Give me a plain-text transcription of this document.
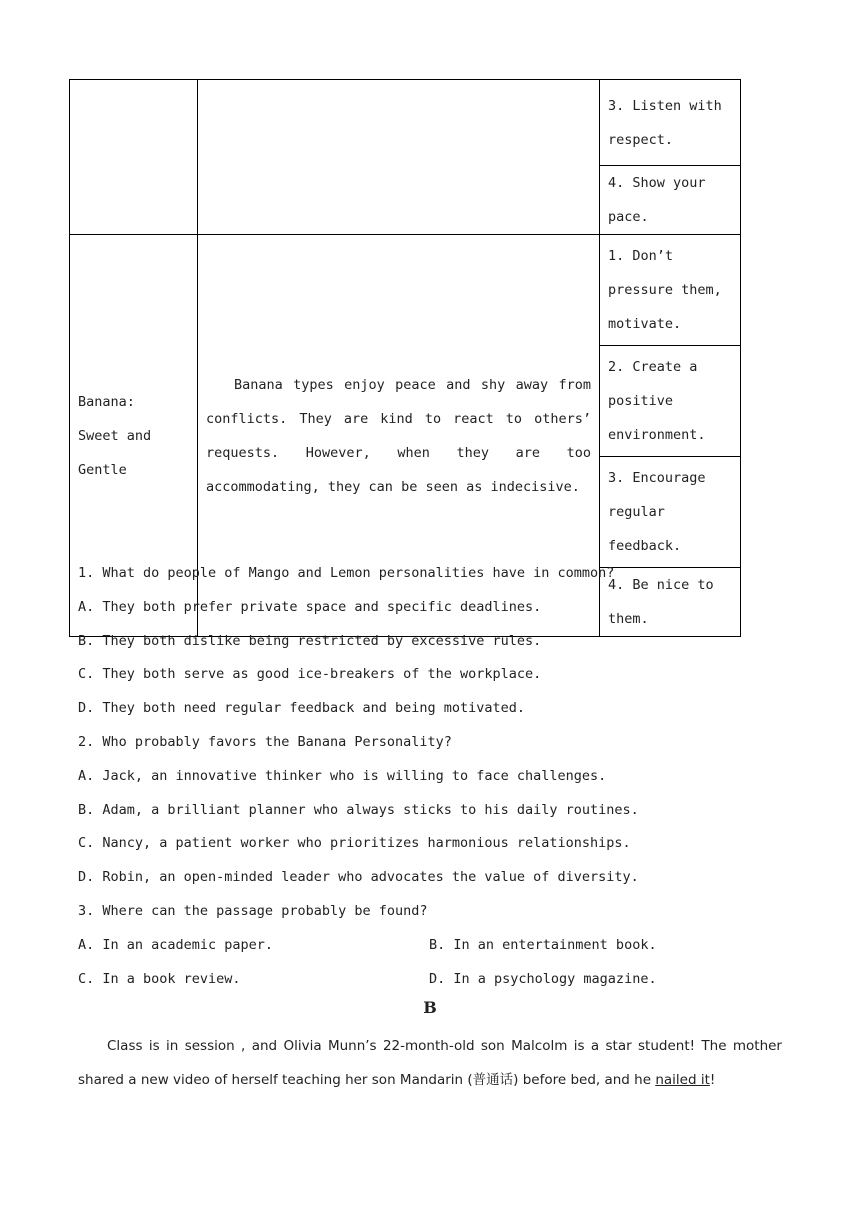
		3. Listen with respect.
		4. Show your pace.

Banana:
Sweet and Gentle	Banana types enjoy peace and shy away from conflicts. They are kind to react to others’ requests. However, when they are too accommodating, they can be seen as indecisive.	1. Don’t pressure them, motivate.
		2. Create a positive environment.
		3. Encourage regular feedback.
		4. Be nice to them.
1. What do people of Mango and Lemon personalities have in common?
A. They both prefer private space and specific deadlines.
B. They both dislike being restricted by excessive rules.
C. They both serve as good ice-breakers of the workplace.
D. They both need regular feedback and being motivated.
2. Who probably favors the Banana Personality?
A. Jack, an innovative thinker who is willing to face challenges.
B. Adam, a brilliant planner who always sticks to his daily routines.
C. Nancy, a patient worker who prioritizes harmonious relationships.
D. Robin, an open-minded leader who advocates the value of diversity.
3. Where can the passage probably be found?
A. In an academic paper.	B. In an entertainment book.
C. In a book review.	D. In a psychology magazine.
B
Class is in session , and Olivia Munn’s 22-month-old son Malcolm is a star student! The mother shared a new video of herself teaching her son Mandarin (普通话) before bed, and he nailed it!
